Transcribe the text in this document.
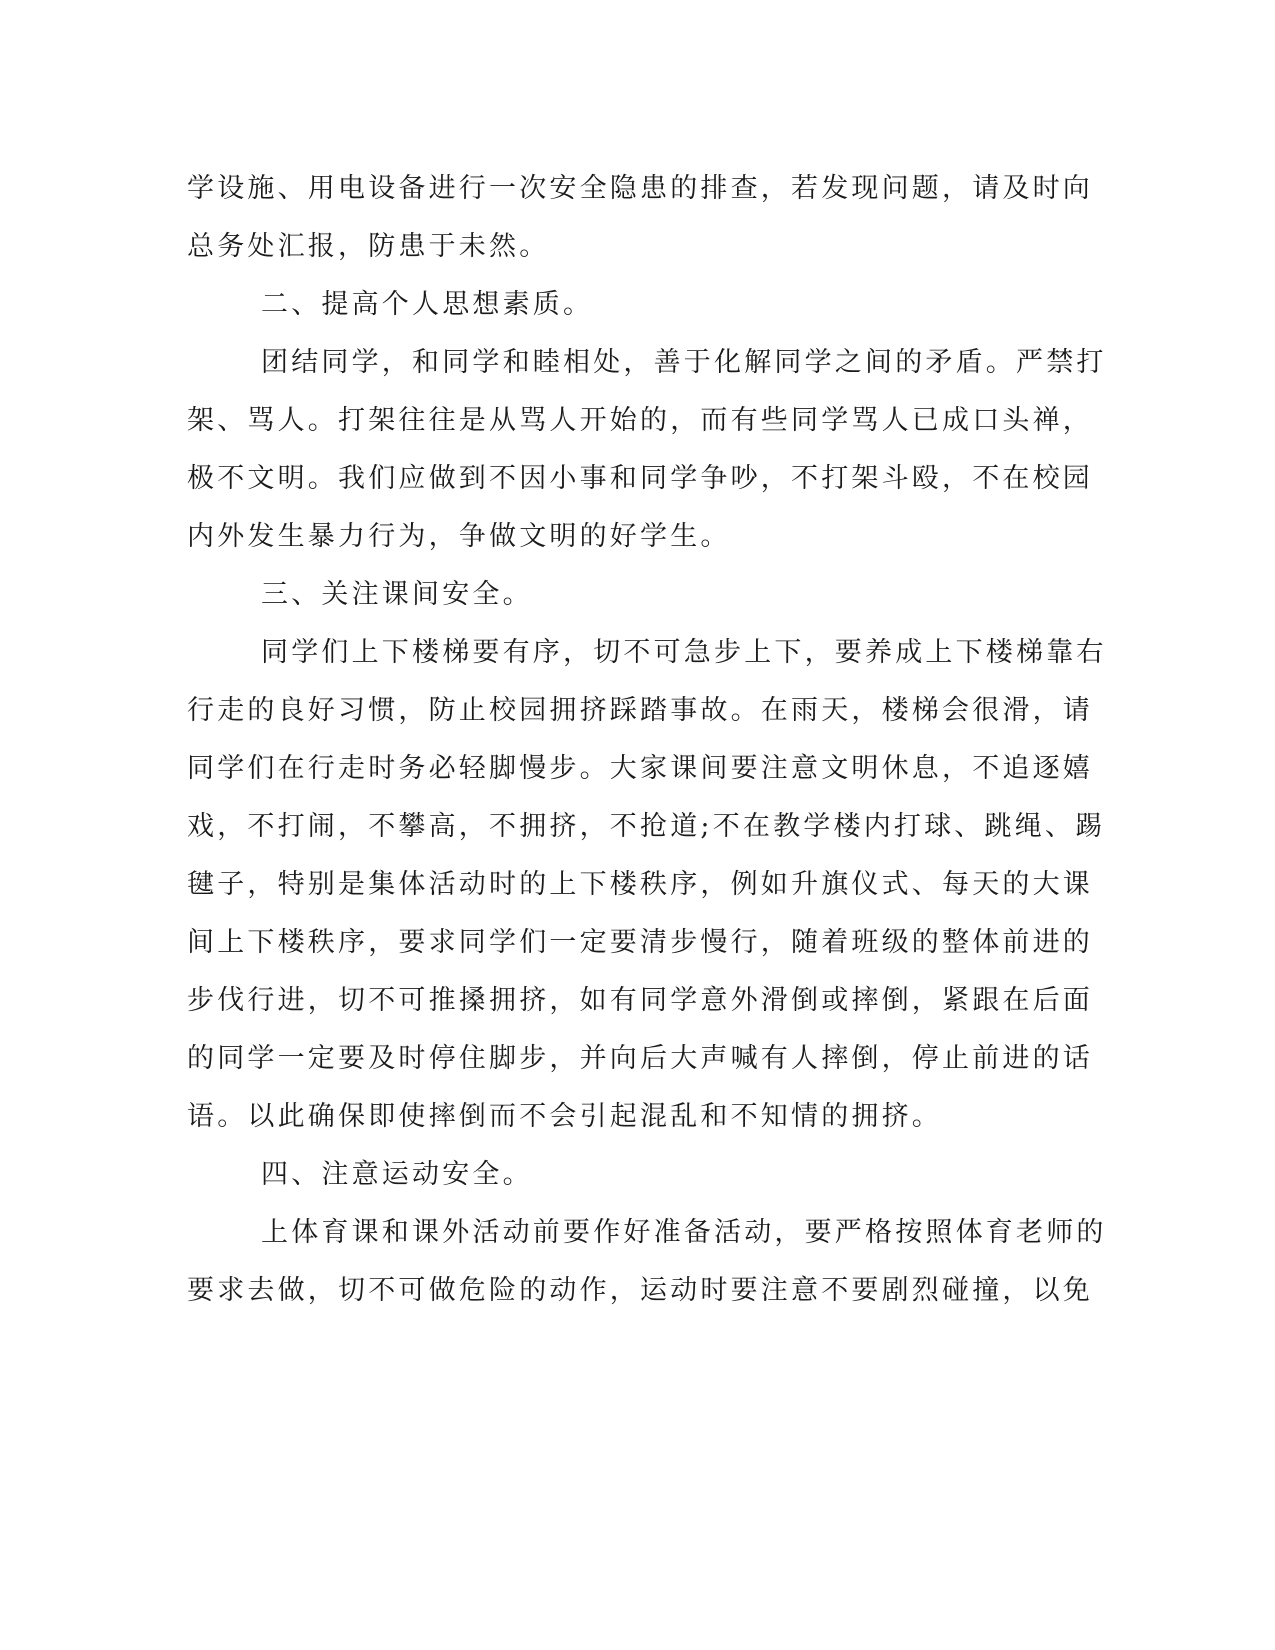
学设施、用电设备进行一次安全隐患的排查，若发现问题，请及时向

总务处汇报，防患于未然。

二、提高个人思想素质。

团结同学，和同学和睦相处，善于化解同学之间的矛盾。严禁打

架、骂人。打架往往是从骂人开始的，而有些同学骂人已成口头禅，

极不文明。我们应做到不因小事和同学争吵，不打架斗殴，不在校园

内外发生暴力行为，争做文明的好学生。

三、关注课间安全。

同学们上下楼梯要有序，切不可急步上下，要养成上下楼梯靠右

行走的良好习惯，防止校园拥挤踩踏事故。在雨天，楼梯会很滑，请

同学们在行走时务必轻脚慢步。大家课间要注意文明休息，不追逐嬉

戏，不打闹，不攀高，不拥挤，不抢道;不在教学楼内打球、跳绳、踢

毽子，特别是集体活动时的上下楼秩序，例如升旗仪式、每天的大课

间上下楼秩序，要求同学们一定要清步慢行，随着班级的整体前进的

步伐行进，切不可推搡拥挤，如有同学意外滑倒或摔倒，紧跟在后面

的同学一定要及时停住脚步，并向后大声喊有人摔倒，停止前进的话

语。以此确保即使摔倒而不会引起混乱和不知情的拥挤。

四、注意运动安全。

上体育课和课外活动前要作好准备活动，要严格按照体育老师的

要求去做，切不可做危险的动作，运动时要注意不要剧烈碰撞，以免
